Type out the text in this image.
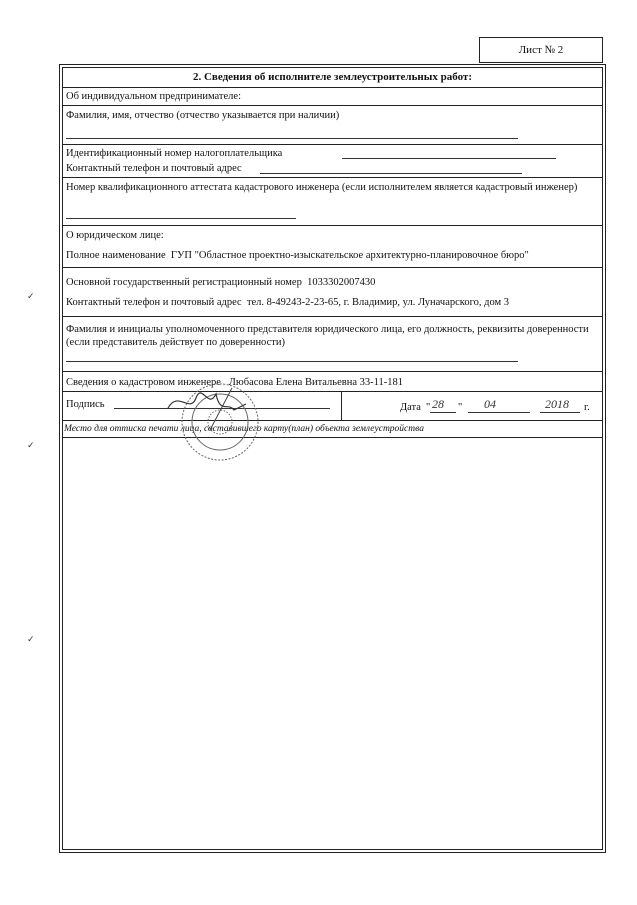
Лист № 2
2. Сведения об исполнителе землеустроительных работ:
Об индивидуальном предпринимателе:
Фамилия, имя, отчество (отчество указывается при наличии)
Идентификационный номер налогоплательщика
Контактный телефон и почтовый адрес
Номер квалификационного аттестата кадастрового инженера (если исполнителем является кадастровый инженер)
О юридическом лице:
Полное наименование ГУП "Областное проектно-изыскательское архитектурно-планировочное бюро"
Основной государственный регистрационный номер 1033302007430
Контактный телефон и почтовый адрес тел. 8-49243-2-23-65, г. Владимир, ул. Луначарского, дом 3
Фамилия и инициалы уполномоченного представителя юридического лица, его должность, реквизиты доверенности (если представитель действует по доверенности)
Сведения о кадастровом инженере Любасова Елена Витальевна 33-11-181
Подпись	Дата " 28 " 04	2018 г.
Место для оттиска печати лица, составившего карту(план) объекта землеустройства
✓
✓
✓
